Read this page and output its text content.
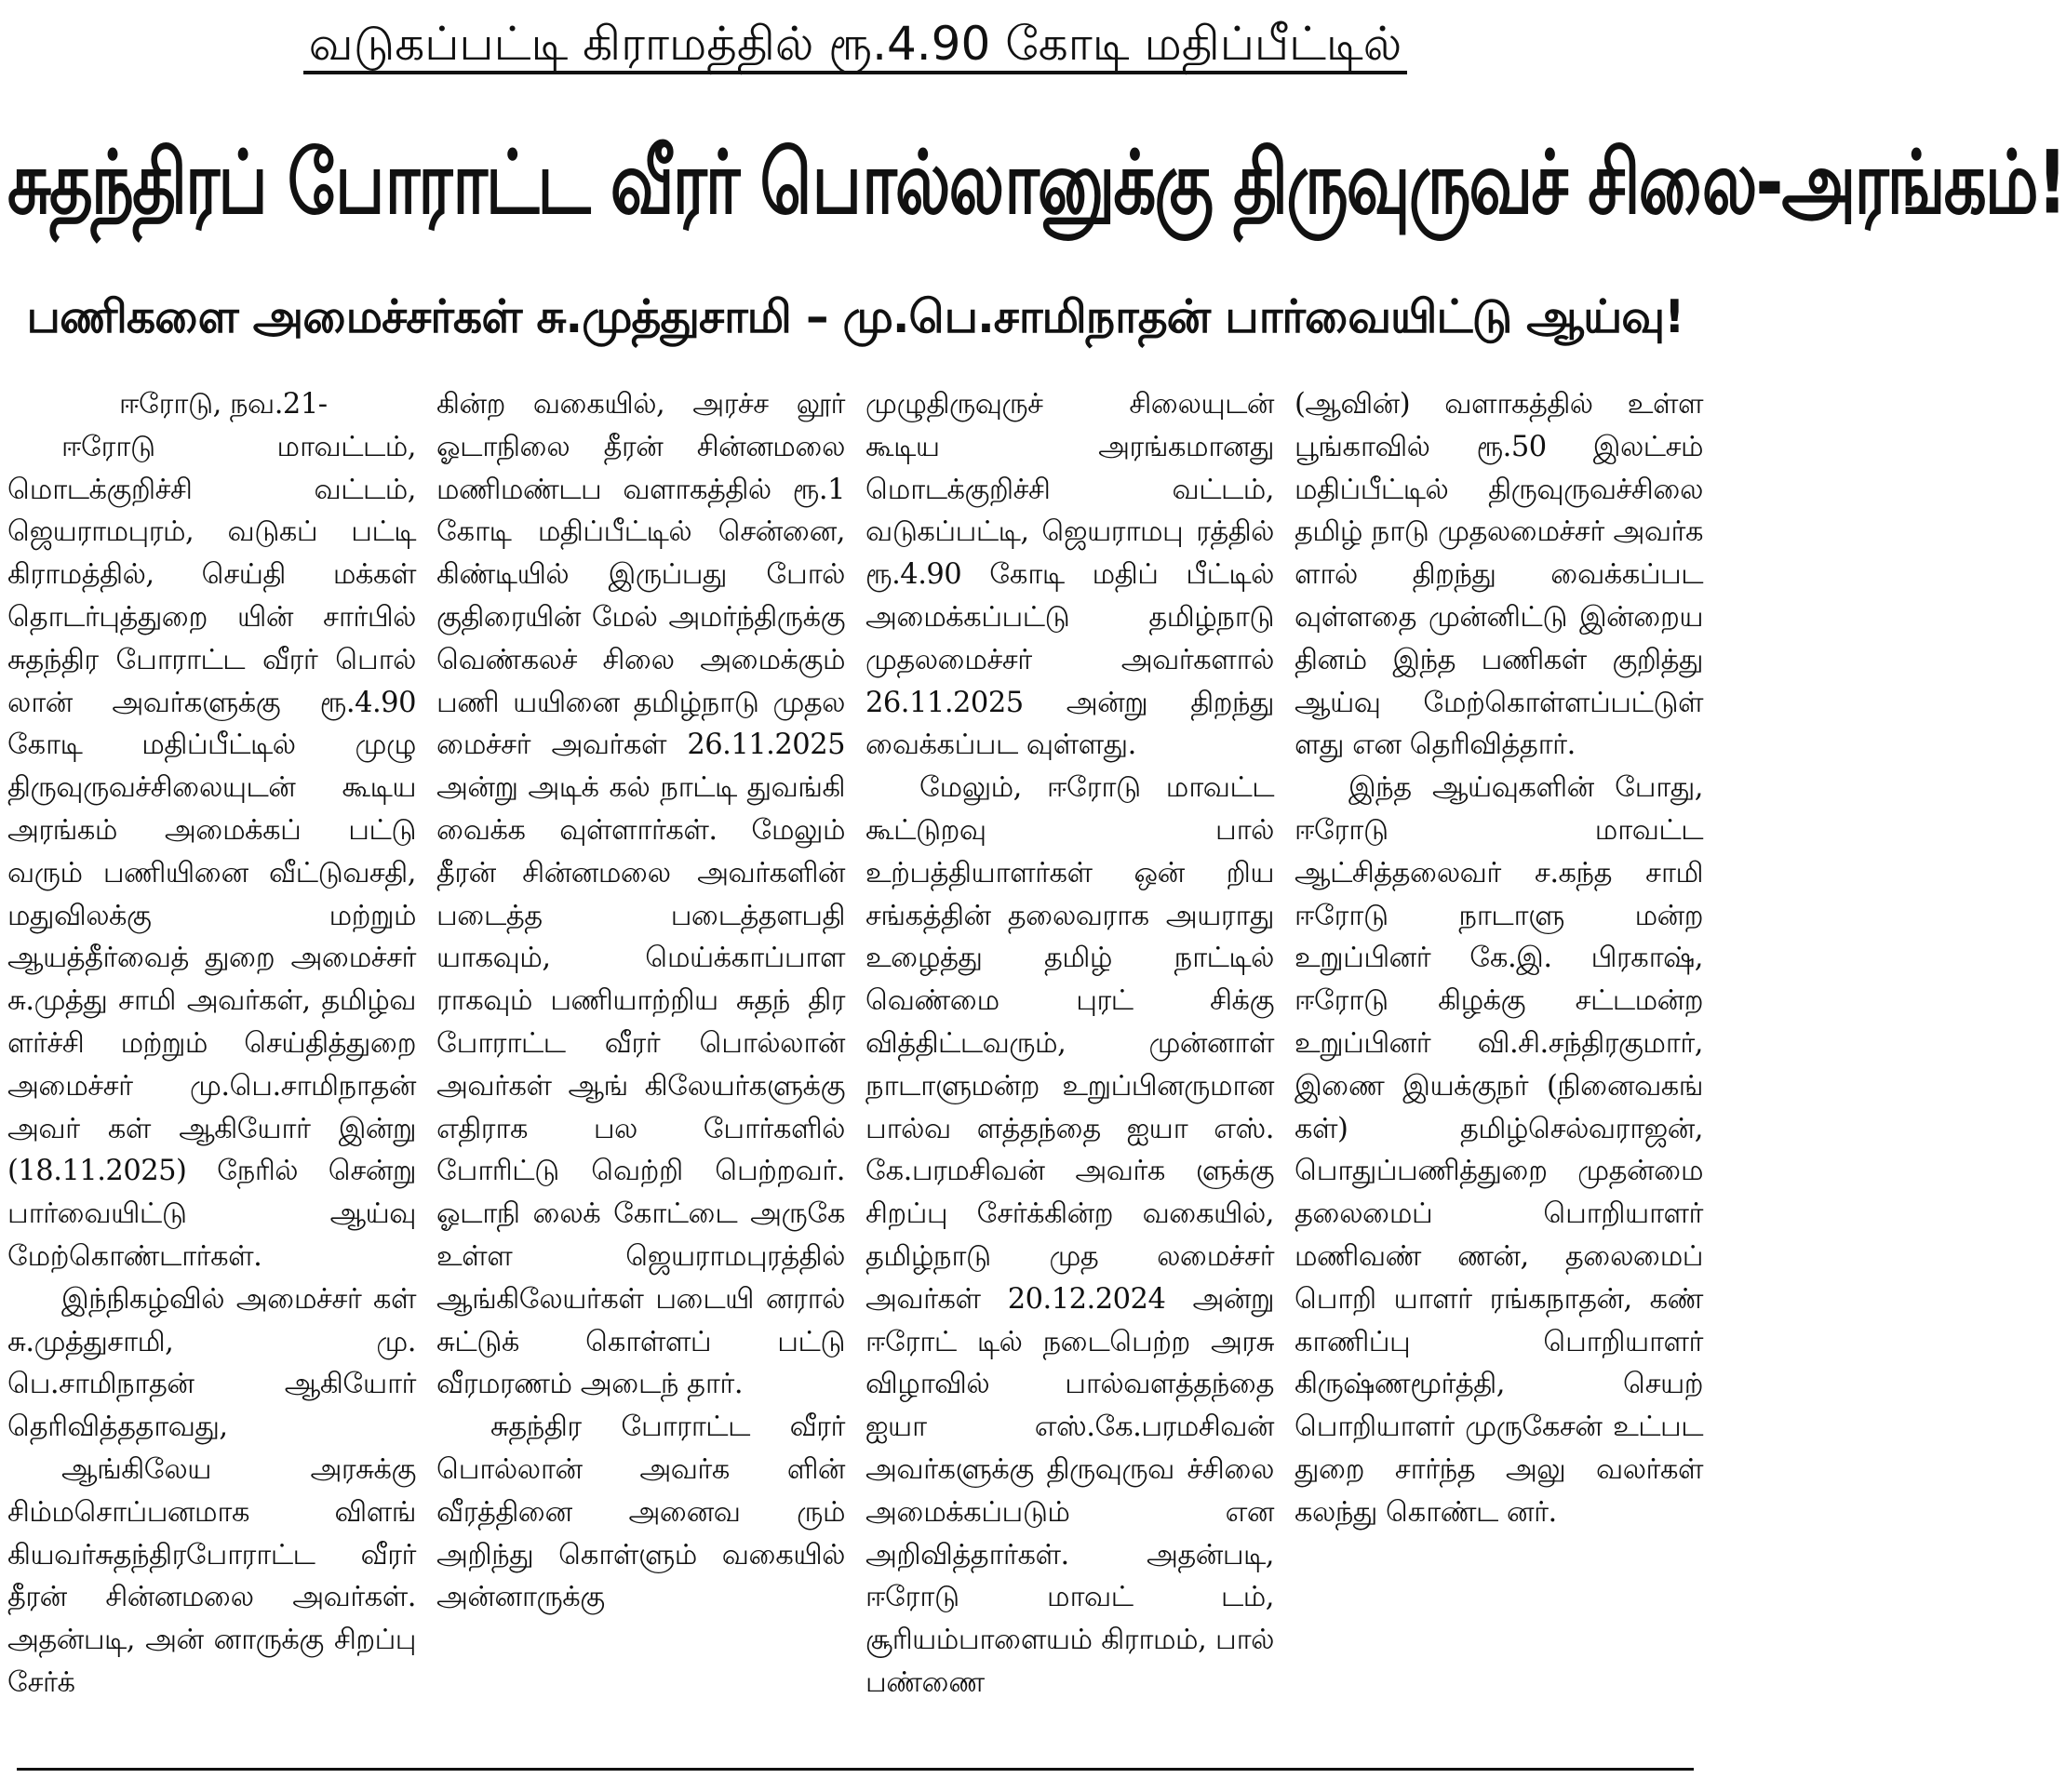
வடுகப்பட்டி கிராமத்தில் ரூ.4.90 கோடி மதிப்பீட்டில்
சுதந்திரப் போராட்ட வீரர் பொல்லானுக்கு திருவுருவச் சிலை-அரங்கம்!
பணிகளை அமைச்சர்கள் சு.முத்துசாமி – மு.பெ.சாமிநாதன் பார்வையிட்டு ஆய்வு!

ஈரோடு, நவ.21-

ஈரோடு மாவட்டம், மொடக்குறிச்சி வட்டம், ஜெயராமபுரம், வடுகப் பட்டி கிராமத்தில், செய்தி மக்கள் தொடர்புத்துறை யின் சார்பில் சுதந்திர போராட்ட வீரர் பொல் லான் அவர்களுக்கு ரூ.4.90 கோடி மதிப்பீட்டில் முழு திருவுருவச்சிலையுடன் கூடிய அரங்கம் அமைக்கப் பட்டு வரும் பணியினை வீட்டுவசதி, மதுவிலக்கு மற்றும் ஆயத்தீர்வைத் துறை அமைச்சர் சு.முத்து சாமி அவர்கள், தமிழ்வ ளர்ச்சி மற்றும் செய்தித்துறை அமைச்சர் மு.பெ.சாமிநாதன் அவர் கள் ஆகியோர் இன்று (18.11.2025) நேரில் சென்று பார்வையிட்டு ஆய்வு மேற்கொண்டார்கள்.

இந்நிகழ்வில் அமைச்சர் கள் சு.முத்துசாமி, மு. பெ.சாமிநாதன் ஆகியோர் தெரிவித்ததாவது,

ஆங்கிலேய அரசுக்கு சிம்மசொப்பனமாக விளங் கியவர்சுதந்திரபோராட்ட வீரர் தீரன் சின்னமலை அவர்கள். அதன்படி, அன் னாருக்கு சிறப்பு சேர்க்

கின்ற வகையில், அரச்ச லூர் ஓடாநிலை தீரன் சின்னமலை மணிமண்டப வளாகத்தில் ரூ.1 கோடி மதிப்பீட்டில் சென்னை, கிண்டியில் இருப்பது போல் குதிரையின் மேல் அமர்ந்திருக்கு வெண்கலச் சிலை அமைக்கும் பணி யயினை தமிழ்நாடு முதல மைச்சர் அவர்கள் 26.11.2025 அன்று அடிக் கல் நாட்டி துவங்கி வைக்க வுள்ளார்கள். மேலும் தீரன் சின்னமலை அவர்களின் படைத்த படைத்தளபதி யாகவும், மெய்க்காப்பாள ராகவும் பணியாற்றிய சுதந் திர போராட்ட வீரர் பொல்லான் அவர்கள் ஆங் கிலேயர்களுக்கு எதிராக பல போர்களில் போரிட்டு வெற்றி பெற்றவர். ஓடாநி லைக் கோட்டை அருகே உள்ள ஜெயராமபுரத்தில் ஆங்கிலேயர்கள் படையி னரால் சுட்டுக் கொள்ளப் பட்டு வீரமரணம் அடைந் தார்.

சுதந்திர போராட்ட வீரர் பொல்லான் அவர்க ளின் வீரத்தினை அனைவ ரும் அறிந்து கொள்ளும் வகையில் அன்னாருக்கு

முழுதிருவுருச் சிலையுடன் கூடிய அரங்கமானது மொடக்குறிச்சி வட்டம், வடுகப்பட்டி, ஜெயராமபு ரத்தில் ரூ.4.90 கோடி மதிப் பீட்டில் அமைக்கப்பட்டு தமிழ்நாடு முதலமைச்சர் அவர்களால் 26.11.2025 அன்று திறந்து வைக்கப்பட வுள்ளது.

மேலும், ஈரோடு மாவட்ட கூட்டுறவு பால் உற்பத்தியாளர்கள் ஒன் றிய சங்கத்தின் தலைவராக அயராது உழைத்து தமிழ் நாட்டில் வெண்மை புரட் சிக்கு வித்திட்டவரும், முன்னாள் நாடாளுமன்ற உறுப்பினருமான பால்வ ளத்தந்தை ஐயா எஸ். கே.பரமசிவன் அவர்க ளுக்கு சிறப்பு சேர்க்கின்ற வகையில், தமிழ்நாடு முத லமைச்சர் அவர்கள் 20.12.2024 அன்று ஈரோட் டில் நடைபெற்ற அரசு விழாவில் பால்வளத்தந்தை ஐயா எஸ்.கே.பரமசிவன் அவர்களுக்கு திருவுருவ ச்சிலை அமைக்கப்படும் என அறிவித்தார்கள். அதன்படி, ஈரோடு மாவட் டம், சூரியம்பாளையம் கிராமம், பால் பண்ணை

(ஆவின்) வளாகத்தில் உள்ள பூங்காவில் ரூ.50 இலட்சம் மதிப்பீட்டில் திருவுருவச்சிலை தமிழ் நாடு முதலமைச்சர் அவர்க ளால் திறந்து வைக்கப்பட வுள்ளதை முன்னிட்டு இன்றைய தினம் இந்த பணிகள் குறித்து ஆய்வு மேற்கொள்ளப்பட்டுள் ளது என தெரிவித்தார்.

இந்த ஆய்வுகளின் போது, ஈரோடு மாவட்ட ஆட்சித்தலைவர் ச.கந்த சாமி ஈரோடு நாடாளு மன்ற உறுப்பினர் கே.இ. பிரகாஷ், ஈரோடு கிழக்கு சட்டமன்ற உறுப்பினர் வி.சி.சந்திரகுமார், இணை இயக்குநர் (நினைவகங் கள்) தமிழ்செல்வராஜன், பொதுப்பணித்துறை முதன்மை தலைமைப் பொறியாளர் மணிவண் ணன், தலைமைப் பொறி யாளர் ரங்கநாதன், கண் காணிப்பு பொறியாளர் கிருஷ்ணமூர்த்தி, செயற் பொறியாளர் முருகேசன் உட்பட துறை சார்ந்த அலு வலர்கள் கலந்து கொண்ட னர்.
